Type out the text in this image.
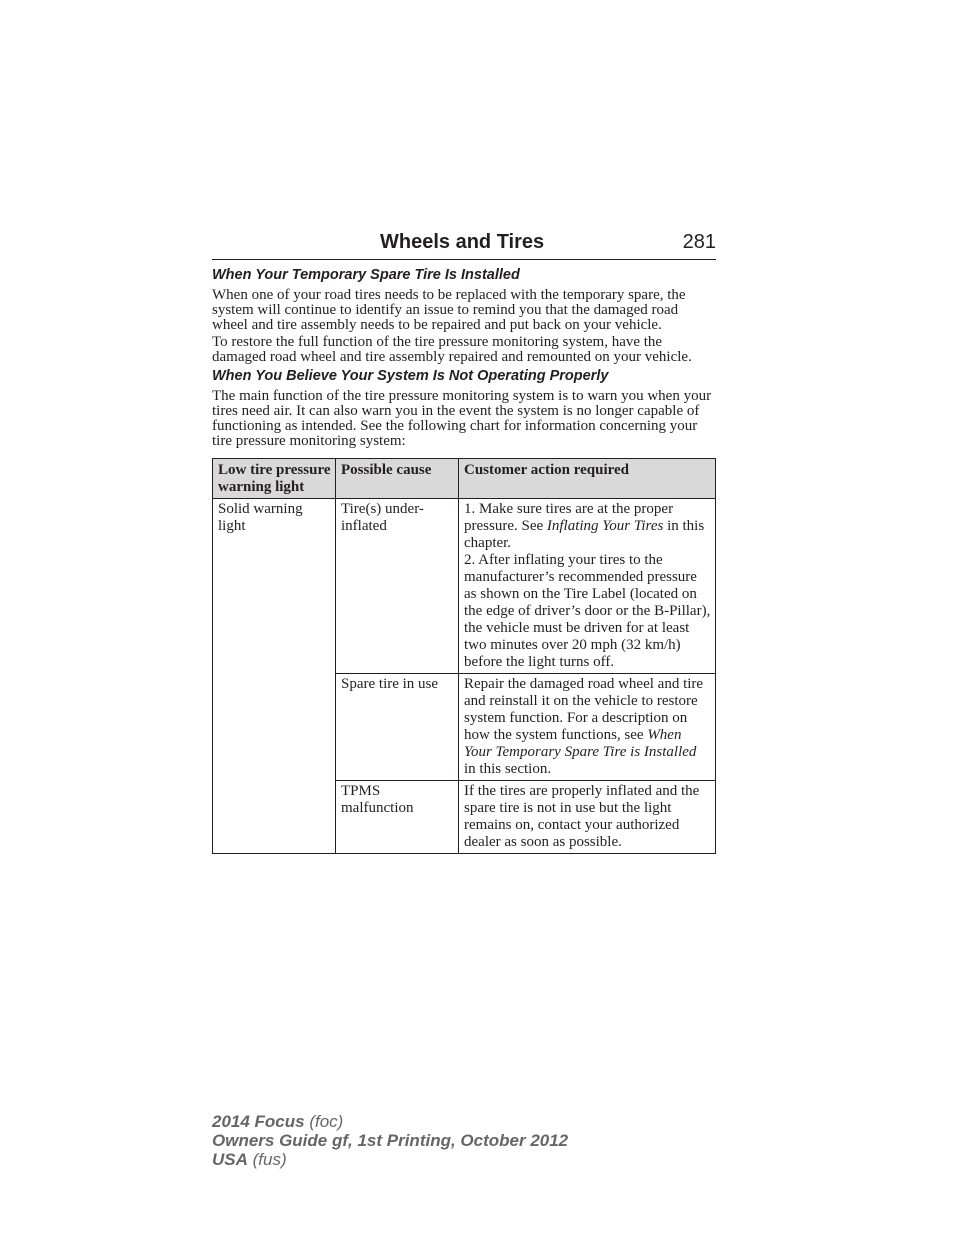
Wheels and Tires	281
When Your Temporary Spare Tire Is Installed

When one of your road tires needs to be replaced with the temporary spare, the system will continue to identify an issue to remind you that the damaged road wheel and tire assembly needs to be repaired and put back on your vehicle.

To restore the full function of the tire pressure monitoring system, have the damaged road wheel and tire assembly repaired and remounted on your vehicle.

When You Believe Your System Is Not Operating Properly

The main function of the tire pressure monitoring system is to warn you when your tires need air. It can also warn you in the event the system is no longer capable of functioning as intended. See the following chart for information concerning your tire pressure monitoring system:

Low tire pressure warning light	Possible cause	Customer action required
Solid warning light	Tire(s) under-inflated	1. Make sure tires are at the proper pressure. See Inflating Your Tires in this chapter.
2. After inflating your tires to the manufacturer’s recommended pressure as shown on the Tire Label (located on the edge of driver’s door or the B-Pillar), the vehicle must be driven for at least two minutes over 20 mph (32 km/h) before the light turns off.
	Spare tire in use	Repair the damaged road wheel and tire and reinstall it on the vehicle to restore system function. For a description on how the system functions, see When Your Temporary Spare Tire is Installed in this section.
	TPMS malfunction	If the tires are properly inflated and the spare tire is not in use but the light remains on, contact your authorized dealer as soon as possible.
2014 Focus (foc)
Owners Guide gf, 1st Printing, October 2012
USA (fus)
